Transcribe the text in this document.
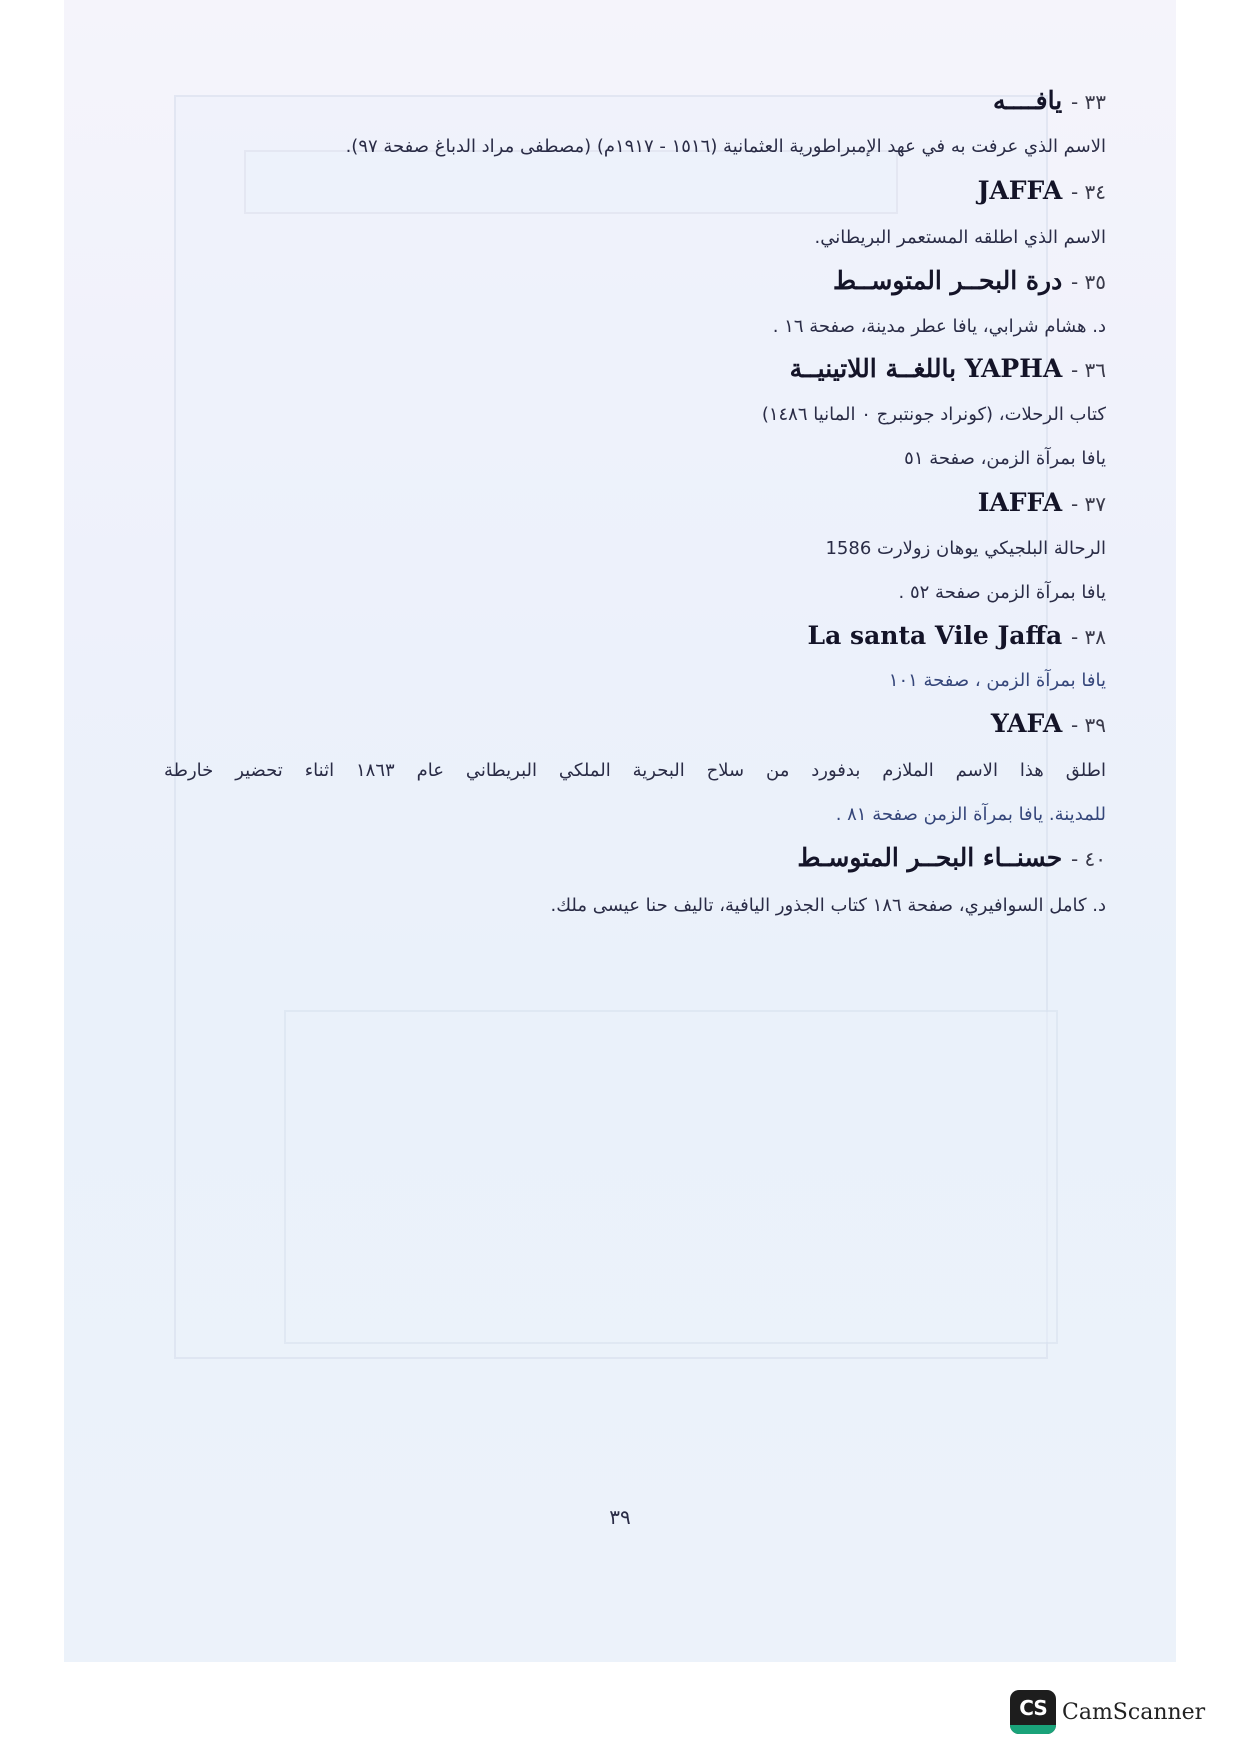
٣٣ - يافــــه
الاسم الذي عرفت به في عهد الإمبراطورية العثمانية (١٥١٦ - ١٩١٧م) (مصطفى مراد الدباغ صفحة ٩٧).
٣٤ - JAFFA
الاسم الذي اطلقه المستعمر البريطاني.
٣٥ - درة البحــر المتوســط
د. هشام شرابي، يافا عطر مدينة، صفحة ١٦ .
٣٦ - YAPHA باللغــة اللاتينيــة
كتاب الرحلات، (كونراد جونتبرج ٠ المانيا ١٤٨٦)
يافا بمرآة الزمن، صفحة ٥١
٣٧ - IAFFA
الرحالة البلجيكي يوهان زولارت 1586
يافا بمرآة الزمن صفحة ٥٢ .
٣٨ - La santa Vile Jaffa
يافا بمرآة الزمن ، صفحة ١٠١
٣٩ - YAFA
اطلق هذا الاسم الملازم بدفورد من سلاح البحرية الملكي البريطاني عام ١٨٦٣ اثناء تحضير خارطة
للمدينة. يافا بمرآة الزمن صفحة ٨١ .
٤٠ - حسنــاء البحــر المتوسـط
د. كامل السوافيري، صفحة ١٨٦ كتاب الجذور اليافية، تاليف حنا عيسى ملك.
٣٩
CS CamScanner
